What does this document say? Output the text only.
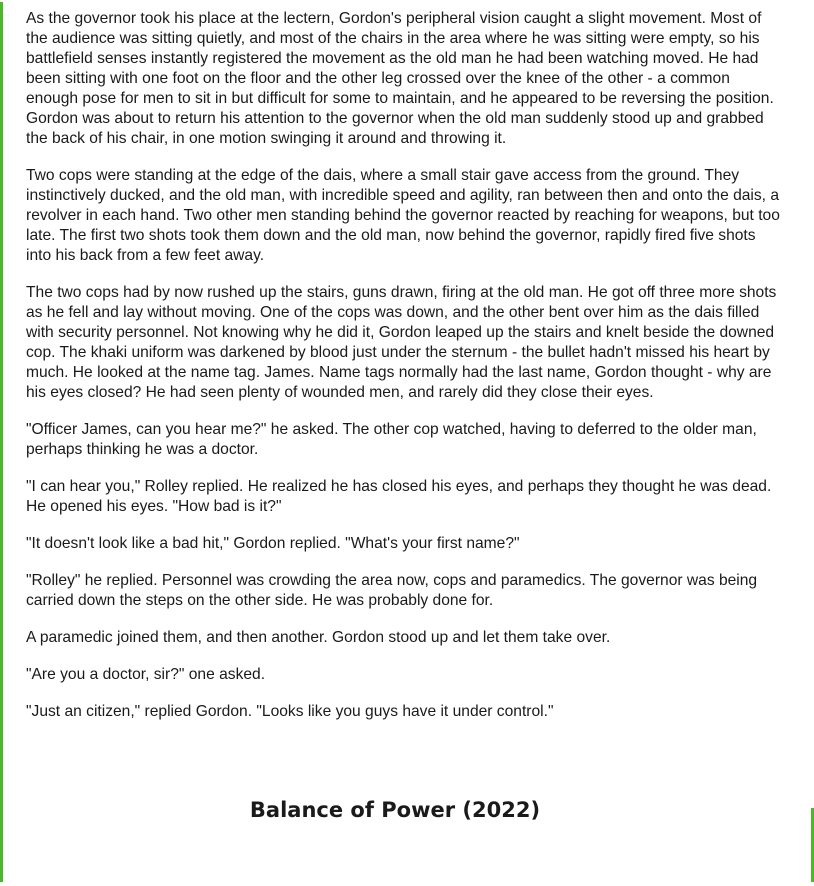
As the governor took his place at the lectern, Gordon's peripheral vision caught a slight movement. Most of the audience was sitting quietly, and most of the chairs in the area where he was sitting were empty, so his battlefield senses instantly registered the movement as the old man he had been watching moved. He had been sitting with one foot on the floor and the other leg crossed over the knee of the other - a common enough pose for men to sit in but difficult for some to maintain, and he appeared to be reversing the position. Gordon was about to return his attention to the governor when the old man suddenly stood up and grabbed the back of his chair, in one motion swinging it around and throwing it.

Two cops were standing at the edge of the dais, where a small stair gave access from the ground. They instinctively ducked, and the old man, with incredible speed and agility, ran between then and onto the dais, a revolver in each hand. Two other men standing behind the governor reacted by reaching for weapons, but too late. The first two shots took them down and the old man, now behind the governor, rapidly fired five shots into his back from a few feet away.

The two cops had by now rushed up the stairs, guns drawn, firing at the old man. He got off three more shots as he fell and lay without moving. One of the cops was down, and the other bent over him as the dais filled with security personnel. Not knowing why he did it, Gordon leaped up the stairs and knelt beside the downed cop. The khaki uniform was darkened by blood just under the sternum - the bullet hadn't missed his heart by much. He looked at the name tag. James. Name tags normally had the last name, Gordon thought - why are his eyes closed? He had seen plenty of wounded men, and rarely did they close their eyes.

"Officer James, can you hear me?" he asked. The other cop watched, having to deferred to the older man, perhaps thinking he was a doctor.

"I can hear you," Rolley replied. He realized he has closed his eyes, and perhaps they thought he was dead. He opened his eyes. "How bad is it?"

"It doesn't look like a bad hit," Gordon replied. "What's your first name?"

"Rolley" he replied. Personnel was crowding the area now, cops and paramedics. The governor was being carried down the steps on the other side. He was probably done for.

A paramedic joined them, and then another. Gordon stood up and let them take over.

"Are you a doctor, sir?" one asked.

"Just an citizen," replied Gordon. "Looks like you guys have it under control."

Balance of Power (2022)
